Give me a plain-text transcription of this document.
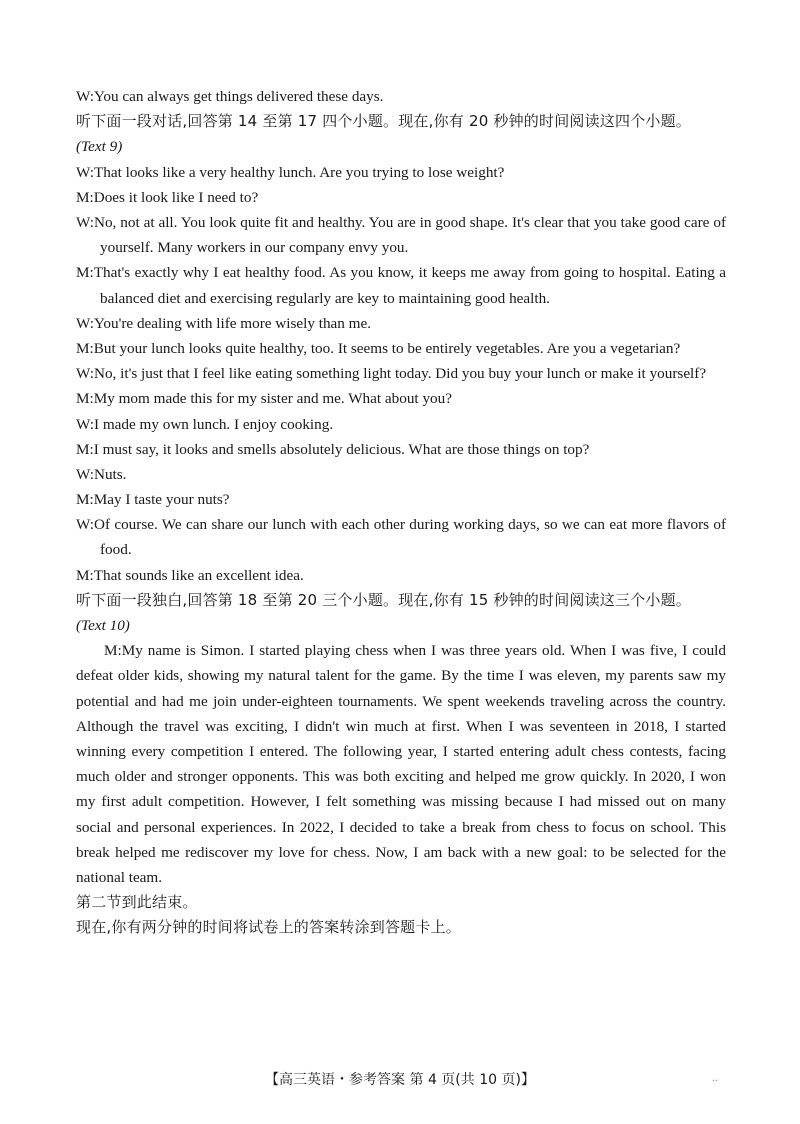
W:You can always get things delivered these days.

听下面一段对话,回答第 14 至第 17 四个小题。现在,你有 20 秒钟的时间阅读这四个小题。

(Text 9)

W:That looks like a very healthy lunch. Are you trying to lose weight?

M:Does it look like I need to?

W:No, not at all. You look quite fit and healthy. You are in good shape. It's clear that you take good care of yourself. Many workers in our company envy you.

M:That's exactly why I eat healthy food. As you know, it keeps me away from going to hospital. Eating a balanced diet and exercising regularly are key to maintaining good health.

W:You're dealing with life more wisely than me.

M:But your lunch looks quite healthy, too. It seems to be entirely vegetables. Are you a vegetarian?

W:No, it's just that I feel like eating something light today. Did you buy your lunch or make it yourself?

M:My mom made this for my sister and me. What about you?

W:I made my own lunch. I enjoy cooking.

M:I must say, it looks and smells absolutely delicious. What are those things on top?

W:Nuts.

M:May I taste your nuts?

W:Of course. We can share our lunch with each other during working days, so we can eat more flavors of food.

M:That sounds like an excellent idea.

听下面一段独白,回答第 18 至第 20 三个小题。现在,你有 15 秒钟的时间阅读这三个小题。

(Text 10)

M:My name is Simon. I started playing chess when I was three years old. When I was five, I could defeat older kids, showing my natural talent for the game. By the time I was eleven, my parents saw my potential and had me join under-eighteen tournaments. We spent weekends traveling across the country. Although the travel was exciting, I didn't win much at first. When I was seventeen in 2018, I started winning every competition I entered. The following year, I started entering adult chess contests, facing much older and stronger opponents. This was both exciting and helped me grow quickly. In 2020, I won my first adult competition. However, I felt something was missing because I had missed out on many social and personal experiences. In 2022, I decided to take a break from chess to focus on school. This break helped me rediscover my love for chess. Now, I am back with a new goal: to be selected for the national team.

第二节到此结束。

现在,你有两分钟的时间将试卷上的答案转涂到答题卡上。

【高三英语・参考答案 第 4 页(共 10 页)】	..
